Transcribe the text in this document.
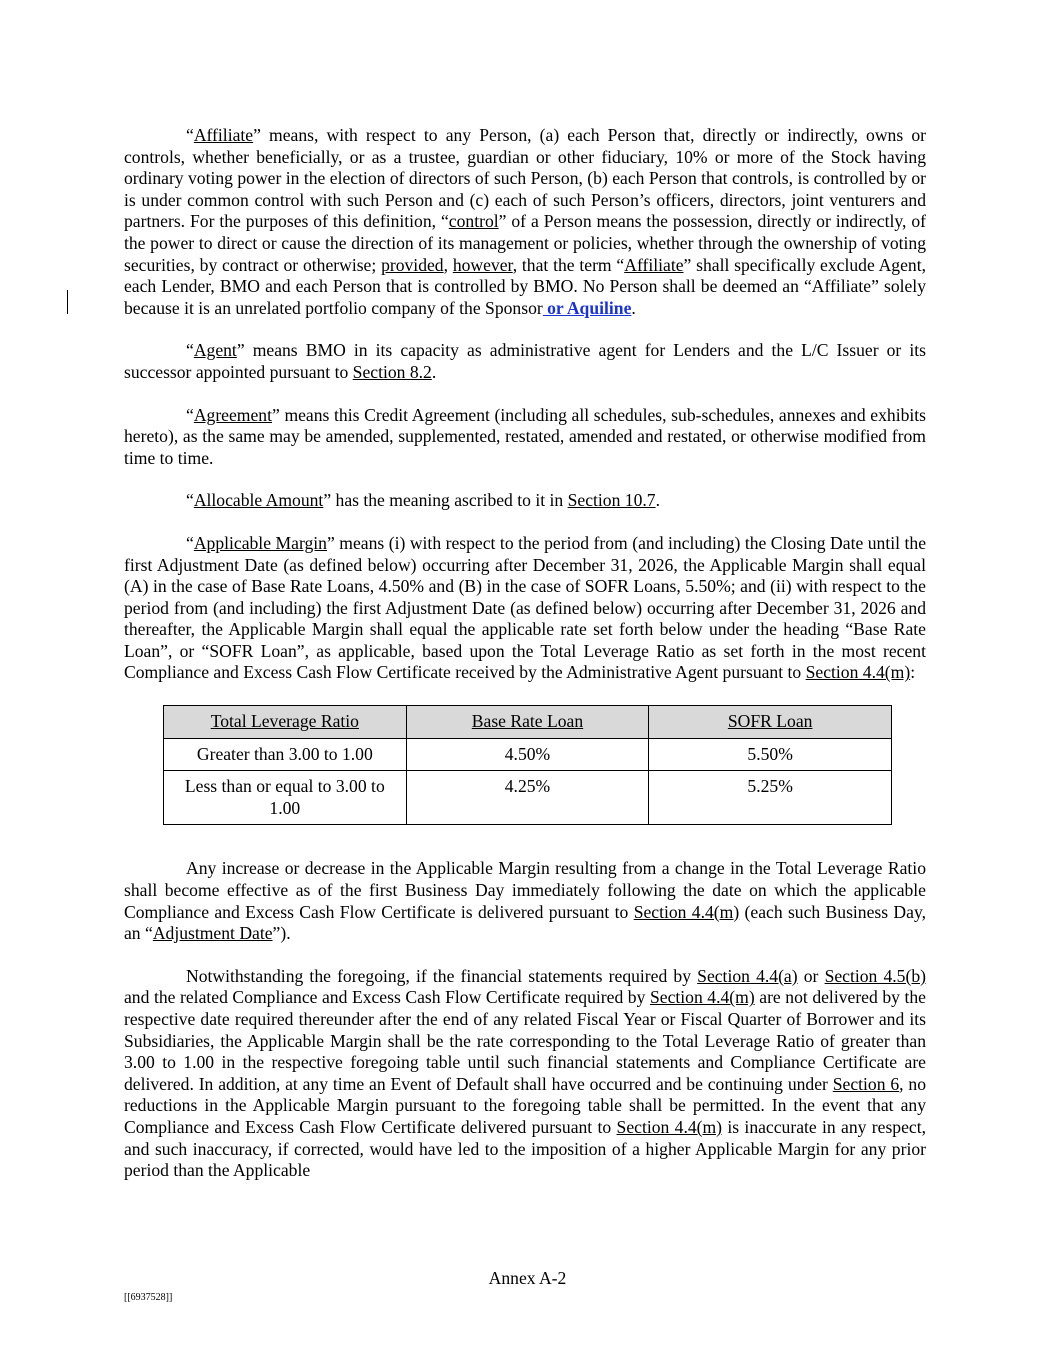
“Affiliate” means, with respect to any Person, (a) each Person that, directly or indirectly, owns or controls, whether beneficially, or as a trustee, guardian or other fiduciary, 10% or more of the Stock having ordinary voting power in the election of directors of such Person, (b) each Person that controls, is controlled by or is under common control with such Person and (c) each of such Person’s officers, directors, joint venturers and partners. For the purposes of this definition, “control” of a Person means the possession, directly or indirectly, of the power to direct or cause the direction of its management or policies, whether through the ownership of voting securities, by contract or otherwise; provided, however, that the term “Affiliate” shall specifically exclude Agent, each Lender, BMO and each Person that is controlled by BMO. No Person shall be deemed an “Affiliate” solely because it is an unrelated portfolio company of the Sponsor or Aquiline.

“Agent” means BMO in its capacity as administrative agent for Lenders and the L/C Issuer or its successor appointed pursuant to Section 8.2.

“Agreement” means this Credit Agreement (including all schedules, sub-schedules, annexes and exhibits hereto), as the same may be amended, supplemented, restated, amended and restated, or otherwise modified from time to time.

“Allocable Amount” has the meaning ascribed to it in Section 10.7.

“Applicable Margin” means (i) with respect to the period from (and including) the Closing Date until the first Adjustment Date (as defined below) occurring after December 31, 2026, the Applicable Margin shall equal (A) in the case of Base Rate Loans, 4.50% and (B) in the case of SOFR Loans, 5.50%; and (ii) with respect to the period from (and including) the first Adjustment Date (as defined below) occurring after December 31, 2026 and thereafter, the Applicable Margin shall equal the applicable rate set forth below under the heading “Base Rate Loan”, or “SOFR Loan”, as applicable, based upon the Total Leverage Ratio as set forth in the most recent Compliance and Excess Cash Flow Certificate received by the Administrative Agent pursuant to Section 4.4(m):

Total Leverage Ratio	Base Rate Loan	SOFR Loan
Greater than 3.00 to 1.00	4.50%	5.50%
Less than or equal to 3.00 to 1.00	4.25%	5.25%

Any increase or decrease in the Applicable Margin resulting from a change in the Total Leverage Ratio shall become effective as of the first Business Day immediately following the date on which the applicable Compliance and Excess Cash Flow Certificate is delivered pursuant to Section 4.4(m) (each such Business Day, an “Adjustment Date”).

Notwithstanding the foregoing, if the financial statements required by Section 4.4(a) or Section 4.5(b) and the related Compliance and Excess Cash Flow Certificate required by Section 4.4(m) are not delivered by the respective date required thereunder after the end of any related Fiscal Year or Fiscal Quarter of Borrower and its Subsidiaries, the Applicable Margin shall be the rate corresponding to the Total Leverage Ratio of greater than 3.00 to 1.00 in the respective foregoing table until such financial statements and Compliance Certificate are delivered. In addition, at any time an Event of Default shall have occurred and be continuing under Section 6, no reductions in the Applicable Margin pursuant to the foregoing table shall be permitted. In the event that any Compliance and Excess Cash Flow Certificate delivered pursuant to Section 4.4(m) is inaccurate in any respect, and such inaccuracy, if corrected, would have led to the imposition of a higher Applicable Margin for any prior period than the Applicable

Annex A-2
[[6937528]]
